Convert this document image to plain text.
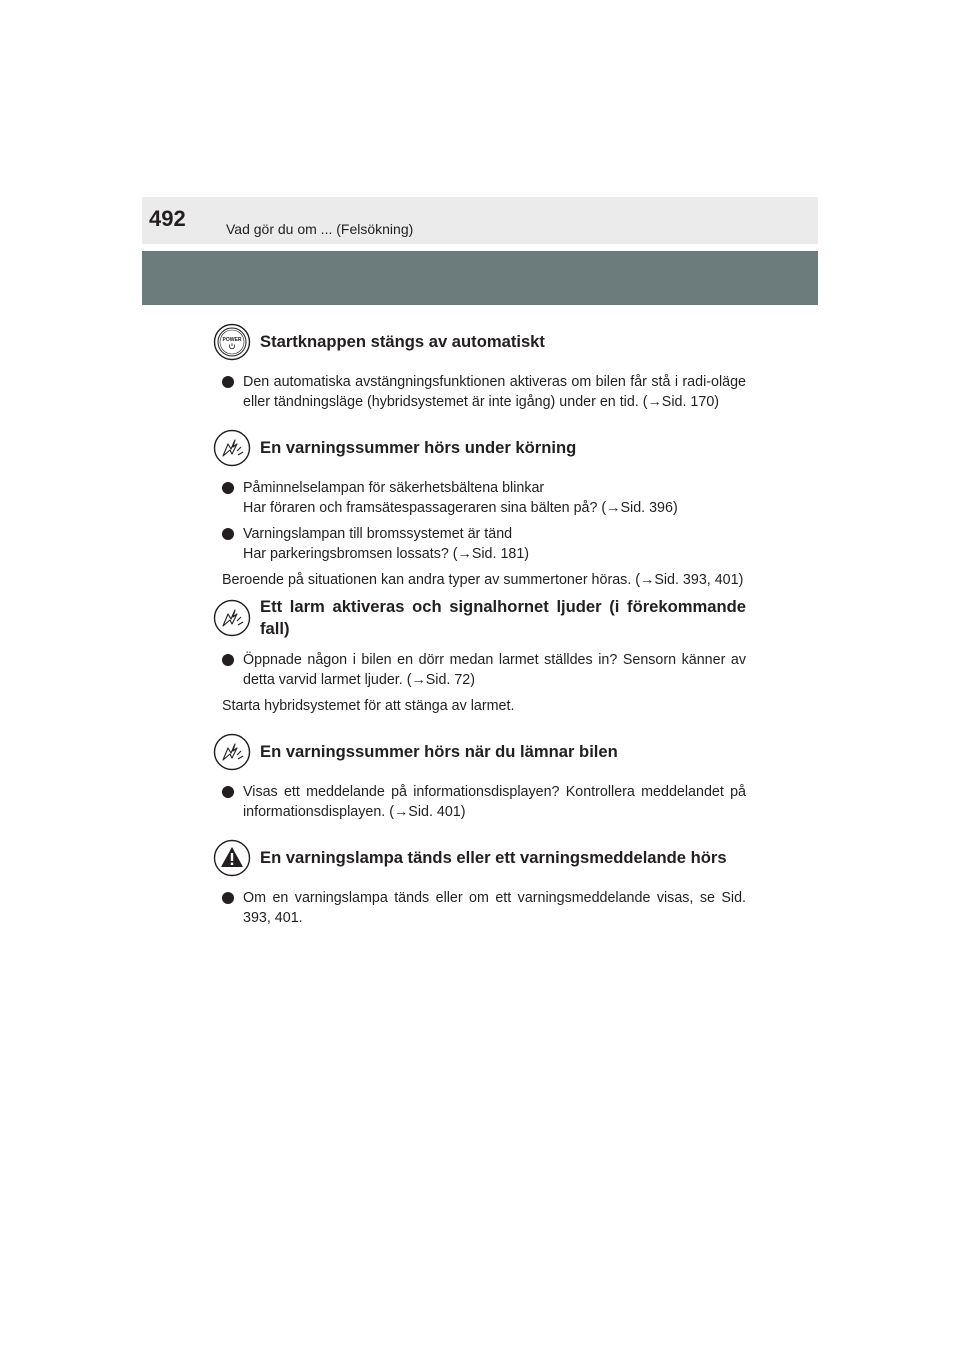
492	Vad gör du om ... (Felsökning)
POWER Startknappen stängs av automatiskt

Den automatiska avstängningsfunktionen aktiveras om bilen får stå i radi-oläge eller tändningsläge (hybridsystemet är inte igång) under en tid. (→Sid. 170)

En varningssummer hörs under körning

Påminnelselampan för säkerhetsbältena blinkar

Har föraren och framsätespassageraren sina bälten på? (→Sid. 396)

Varningslampan till bromssystemet är tänd

Har parkeringsbromsen lossats? (→Sid. 181)

Beroende på situationen kan andra typer av summertoner höras. (→Sid. 393, 401)

Ett larm aktiveras och signalhornet ljuder (i förekommande fall)

Öppnade någon i bilen en dörr medan larmet ställdes in? Sensorn känner av detta varvid larmet ljuder. (→Sid. 72)

Starta hybridsystemet för att stänga av larmet.

En varningssummer hörs när du lämnar bilen

Visas ett meddelande på informationsdisplayen? Kontrollera meddelandet på informationsdisplayen. (→Sid. 401)

En varningslampa tänds eller ett varningsmeddelande hörs

Om en varningslampa tänds eller om ett varningsmeddelande visas, se Sid. 393, 401.
